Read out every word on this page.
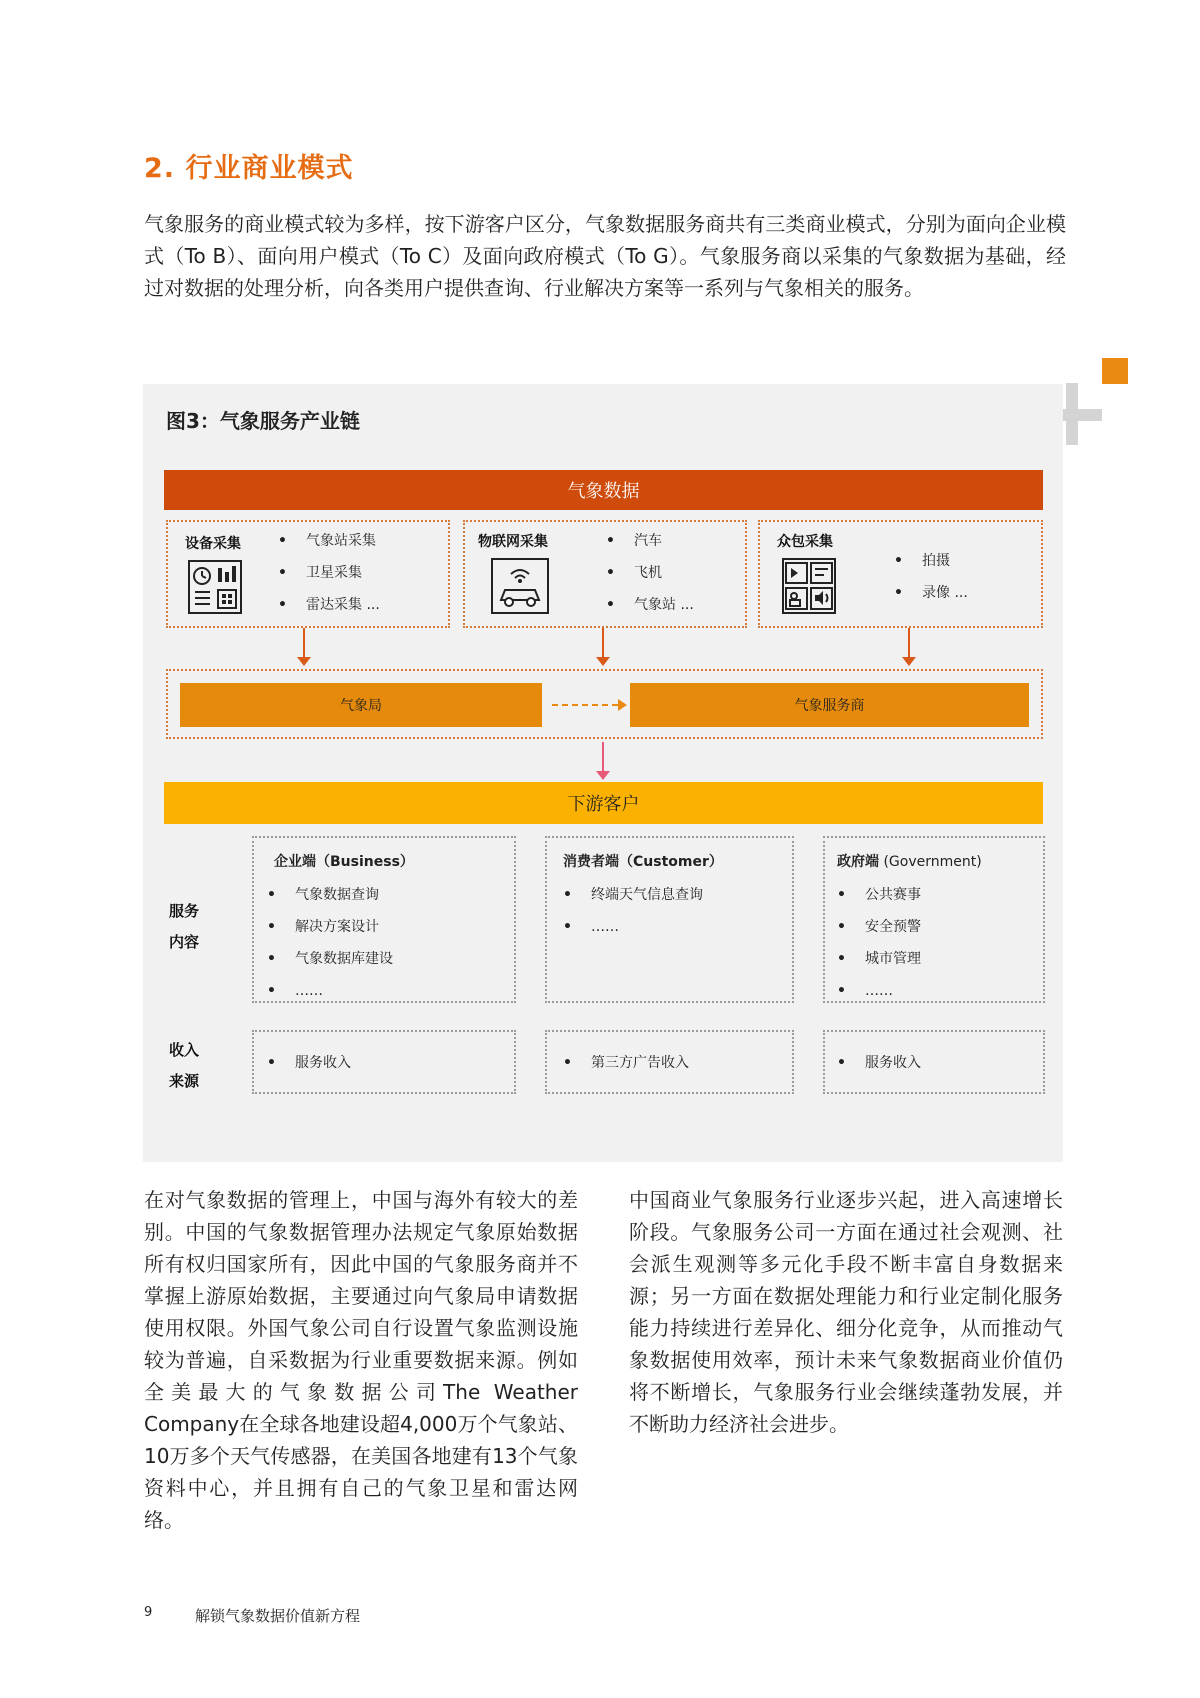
2. 行业商业模式

气象服务的商业模式较为多样，按下游客户区分，气象数据服务商共有三类商业模式，分别为面向企业模式（To B）、面向用户模式（To C）及面向政府模式（To G）。气象服务商以采集的气象数据为基础，经过对数据的处理分析，向各类用户提供查询、行业解决方案等一系列与气象相关的服务。

图3：气象服务产业链
气象数据
设备采集	• 气象站采集
• 卫星采集
• 雷达采集 ...
物联网采集	• 汽车
• 飞机
• 气象站 ...
众包采集
• 拍摄
• 录像 ...
气象局	气象服务商
下游客户
服务
内容
收入
来源
企业端（Business）
• 气象数据查询
• 解决方案设计
• 气象数据库建设
• ……
消费者端（Customer）
• 终端天气信息查询
• ……
政府端 (Government)
• 公共赛事
• 安全预警
• 城市管理
• ……
• 服务收入	• 第三方广告收入	• 服务收入

在对气象数据的管理上，中国与海外有较大的差别。中国的气象数据管理办法规定气象原始数据所有权归国家所有，因此中国的气象服务商并不掌握上游原始数据，主要通过向气象局申请数据使用权限。外国气象公司自行设置气象监测设施较为普遍，自采数据为行业重要数据来源。例如全美最大的气象数据公司The Weather Company在全球各地建设超4,000万个气象站、10万多个天气传感器，在美国各地建有13个气象资料中心，并且拥有自己的气象卫星和雷达网络。

中国商业气象服务行业逐步兴起，进入高速增长阶段。气象服务公司一方面在通过社会观测、社会派生观测等多元化手段不断丰富自身数据来源；另一方面在数据处理能力和行业定制化服务能力持续进行差异化、细分化竞争，从而推动气象数据使用效率，预计未来气象数据商业价值仍将不断增长，气象服务行业会继续蓬勃发展，并不断助力经济社会进步。

9	解锁气象数据价值新方程
